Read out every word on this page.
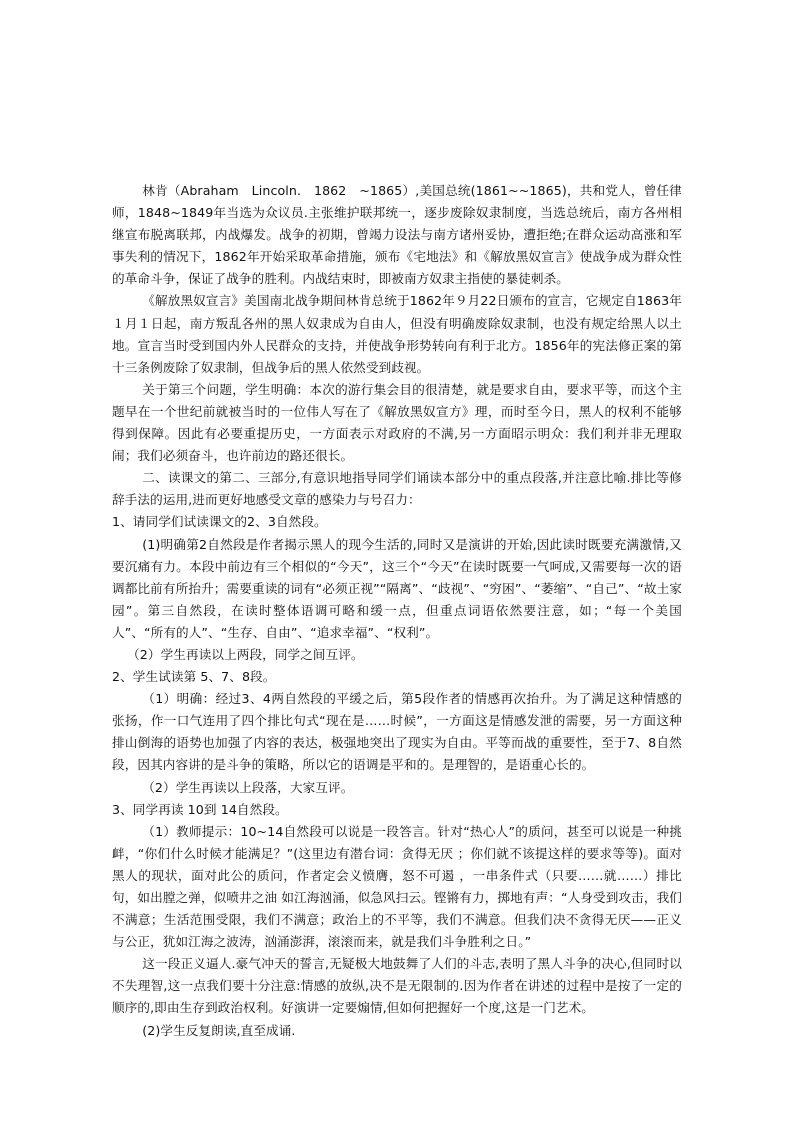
林肯（Abraham　Lincoln.　1862　~1865）,美国总统(1861~~1865)，共和党人，曾任律师，1848~1849年当选为众议员.主张维护联邦统一，逐步废除奴隶制度，当选总统后，南方各州相继宣布脱离联邦，内战爆发。战争的初期，曾竭力设法与南方诸州妥协，遭拒绝;在群众运动高涨和军事失利的情况下，1862年开始采取革命措施，颁布《宅地法》和《解放黑奴宣言》使战争成为群众性的革命斗争，保证了战争的胜利。内战结束时，即被南方奴隶主指使的暴徒刺杀。

《解放黑奴宣言》美国南北战争期间林肯总统于1862年９月22日颁布的宣言，它规定自1863年１月１日起，南方叛乱各州的黑人奴隶成为自由人，但没有明确废除奴隶制，也没有规定给黑人以土地。宣言当时受到国内外人民群众的支持，并使战争形势转向有利于北方。1856年的宪法修正案的第十三条例废除了奴隶制，但战争后的黑人依然受到歧视。

关于第三个问题，学生明确：本次的游行集会目的很清楚，就是要求自由，要求平等，而这个主题早在一个世纪前就被当时的一位伟人写在了《解放黑奴宣方》理，而时至今日，黑人的权利不能够得到保障。因此有必要重提历史，一方面表示对政府的不满,另一方面昭示明众：我们利并非无理取闹；我们必须奋斗，也许前边的路还很长。

二、读课文的第二、三部分,有意识地指导同学们诵读本部分中的重点段落,并注意比喻.排比等修辞手法的运用,进而更好地感受文章的感染力与号召力：

1、请同学们试读课文的2、3自然段。

(1)明确第2自然段是作者揭示黑人的现今生活的,同时又是演讲的开始,因此读时既要充满激情,又要沉痛有力。本段中前边有三个相似的“今天”，这三个“今天”在读时既要一气呵成,又需要每一次的语调都比前有所抬升；需要重读的词有“必须正视”“隔离”、“歧视”、“穷困”、“萎缩”、“自己”、“故土家园”。第三自然段，在读时整体语调可略和缓一点，但重点词语依然要注意，如；“每一个美国 人”、“所有的人”、“生存、自由”、“追求幸福”、“权利”。

（2）学生再读以上两段，同学之间互评。

2、学生试读第 5、7、8段。

（1）明确：经过3、4两自然段的平缓之后，第5段作者的情感再次抬升。为了满足这种情感的张扬，作一口气连用了四个排比句式“现在是……时候”，一方面这是情感发泄的需要，另一方面这种排山倒海的语势也加强了内容的表达，极强地突出了现实为自由。平等而战的重要性，至于7、8自然段，因其内容讲的是斗争的策略，所以它的语调是平和的。是理智的，是语重心长的。

（2）学生再读以上段落，大家互评。

3、同学再读 10到 14自然段。

（1）教师提示：10~14自然段可以说是一段答言。针对“热心人”的质问，甚至可以说是一种挑衅，“你们什么时候才能满足？”(这里边有潜台词：贪得无厌 ；你们就不该提这样的要求等等)。面对黑人的现状，面对此公的质问，作者定会义愤膺，怒不可遏 ，一串条件式（只要……就……）排比句，如出膛之弹，似喷井之油 如江海汹涌，似急风扫云。铿锵有力，掷地有声：“人身受到攻击，我们不满意；生活范围受限，我们不满意；政治上的不平等，我们不满意。但我们决不贪得无厌——正义与公正，犹如江海之波涛，汹涌澎湃，滚滚而来，就是我们斗争胜利之日。”

这一段正义逼人.豪气冲天的誓言,无疑极大地鼓舞了人们的斗志,表明了黑人斗争的决心,但同时以不失理智,这一点我们要十分注意:情感的放纵,决不是无限制的.因为作者在讲述的过程中是按了一定的顺序的,即由生存到政治权利。好演讲一定要煽情,但如何把握好一个度,这是一门艺术。

(2)学生反复朗读,直至成诵.
